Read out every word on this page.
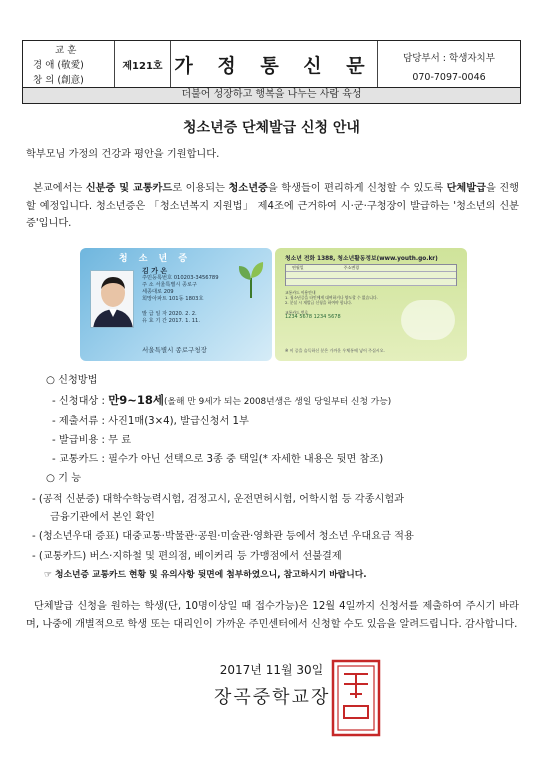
교 훈
경 애 (敬愛)
창 의 (創意)
제121호 가 정 통 신 문	담당부서 : 학생자치부
070-7097-0046
더불어 성장하고 행복을 나누는 사람 육성
청소년증 단체발급 신청 안내
학부모님 가정의 건강과 평안을 기원합니다.
본교에서는 신분증 및 교통카드로 이용되는 청소년증을 학생들이 편리하게 신청할 수 있도록 단체발급을 진행할 예정입니다. 청소년증은 「청소년복지 지원법」 제4조에 근거하여 시·군·구청장이 발급하는 '청소년의 신분증'입니다.
청 소 년 증
김 가 온
주민등록번호 010203-3456789
주 소 서울특별시 종로구
세종대로 209
희망아파트 101동 1803호
발 급 일 자 2020. 2. 2.
유 효 기 간 2017. 1. 11.
서울특별시 종로구청장
청소년 전화 1388, 청소년활동정보(www.youth.go.kr)
연월일	주소변경
교통카드 이용안내
1. 청소년증을 타인에게 대여하거나 양도할 수 없습니다.
2. 분실 시 재발급 신청을 하여야 합니다.
교통카드 번호
1234 5678 1234 5678
※ 이 증을 습득하신 분은 가까운 우체통에 넣어 주십시오.
○ 신청방법
- 신청대상 : 만9~18세(올해 만 9세가 되는 2008년생은 생일 당일부터 신청 가능)
- 제출서류 : 사진1매(3×4), 발급신청서 1부
- 발급비용 : 무 료
- 교통카드 : 필수가 아닌 선택으로 3종 중 택일(* 자세한 내용은 뒷면 참조)
○ 기 능
- (공적 신분증) 대학수학능력시험, 검정고시, 운전면허시험, 어학시험 등 각종시험과
금융기관에서 본인 확인
- (청소년우대 증표) 대중교통·박물관·공원·미술관·영화관 등에서 청소년 우대요금 적용
- (교통카드) 버스·지하철 및 편의점, 베이커리 등 가맹점에서 선불결제
☞ 청소년증 교통카드 현황 및 유의사항 뒷면에 첨부하였으니, 참고하시기 바랍니다.
단체발급 신청을 원하는 학생(단, 10명이상일 때 접수가능)은 12월 4일까지 신청서를 제출하여 주시기 바라며, 나중에 개별적으로 학생 또는 대리인이 가까운 주민센터에서 신청할 수도 있음을 알려드립니다. 감사합니다.
2017년 11월 30일
장곡중학교장
